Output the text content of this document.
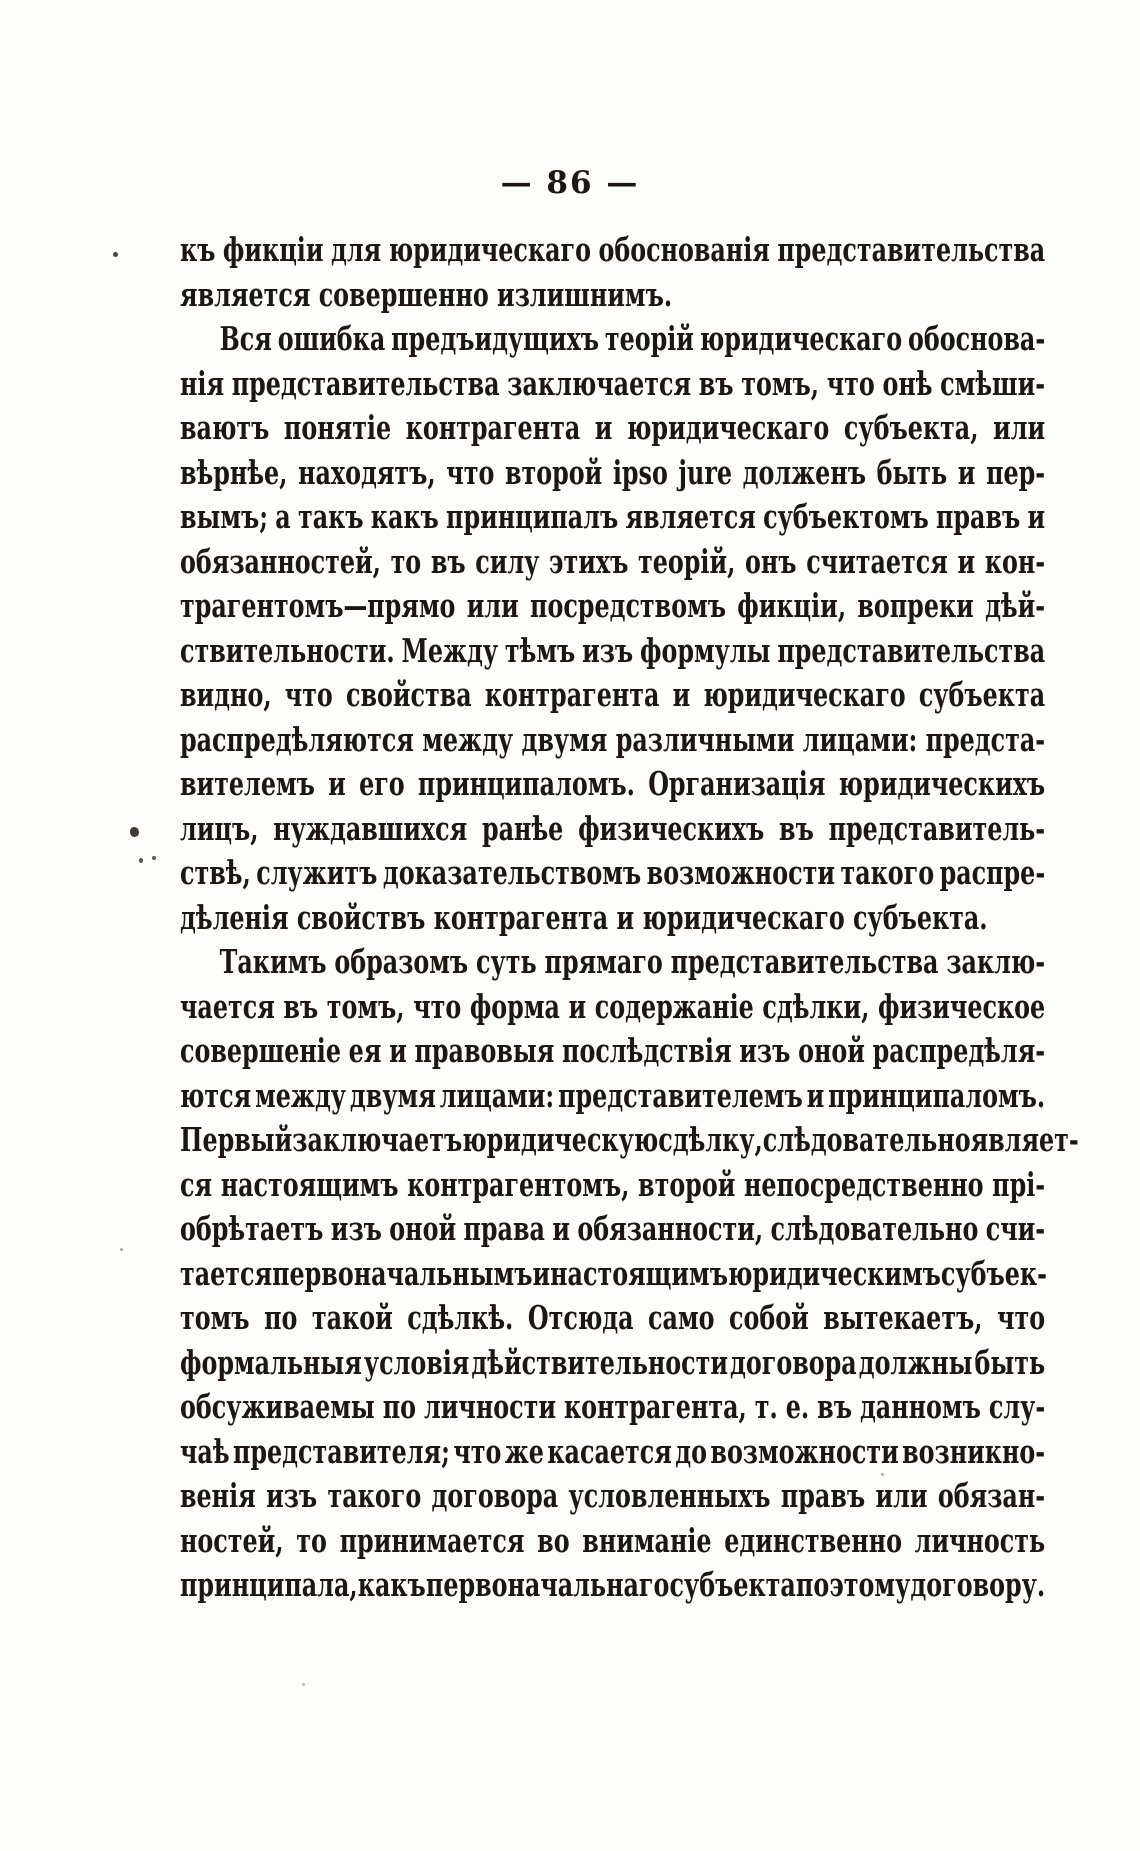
— 86 —
къ фикціи для юридическаго обоснованія представительства
является совершенно излишнимъ.
Вся ошибка предъидущихъ теорій юридическаго обоснова-
нія представительства заключается въ томъ, что онѣ смѣши-
ваютъ понятіе контрагента и юридическаго субъекта, или
вѣрнѣе, находятъ, что второй ipso jure долженъ быть и пер-
вымъ; а такъ какъ принципалъ является субъектомъ правъ и
обязанностей, то въ силу этихъ теорій, онъ считается и кон-
трагентомъ—прямо или посредствомъ фикціи, вопреки дѣй-
ствительности. Между тѣмъ изъ формулы представительства
видно, что свойства контрагента и юридическаго субъекта
распредѣляются между двумя различными лицами: предста-
вителемъ и его принципаломъ. Организація юридическихъ
лицъ, нуждавшихся ранѣе физическихъ въ представитель-
ствѣ, служитъ доказательствомъ возможности такого распре-
дѣленія свойствъ контрагента и юридическаго субъекта.
Такимъ образомъ суть прямаго представительства заклю-
чается въ томъ, что форма и содержаніе сдѣлки, физическое
совершеніе ея и правовыя послѣдствія изъ оной распредѣля-
ются между двумя лицами: представителемъ и принципаломъ.
Первый заключаетъ юридическую сдѣлку, слѣдовательно являет-
ся настоящимъ контрагентомъ, второй непосредственно прі-
обрѣтаетъ изъ оной права и обязанности, слѣдовательно счи-
тается первоначальнымъ и настоящимъ юридическимъ субъек-
томъ по такой сдѣлкѣ. Отсюда само собой вытекаетъ, что
формальныя условія дѣйствительности договора должны быть
обсуживаемы по личности контрагента, т. е. въ данномъ слу-
чаѣ представителя; что же касается до возможности возникно-
венія изъ такого договора условленныхъ правъ или обязан-
ностей, то принимается во вниманіе единственно личность
принципала, какъ первоначальнаго субъекта по этому договору.
